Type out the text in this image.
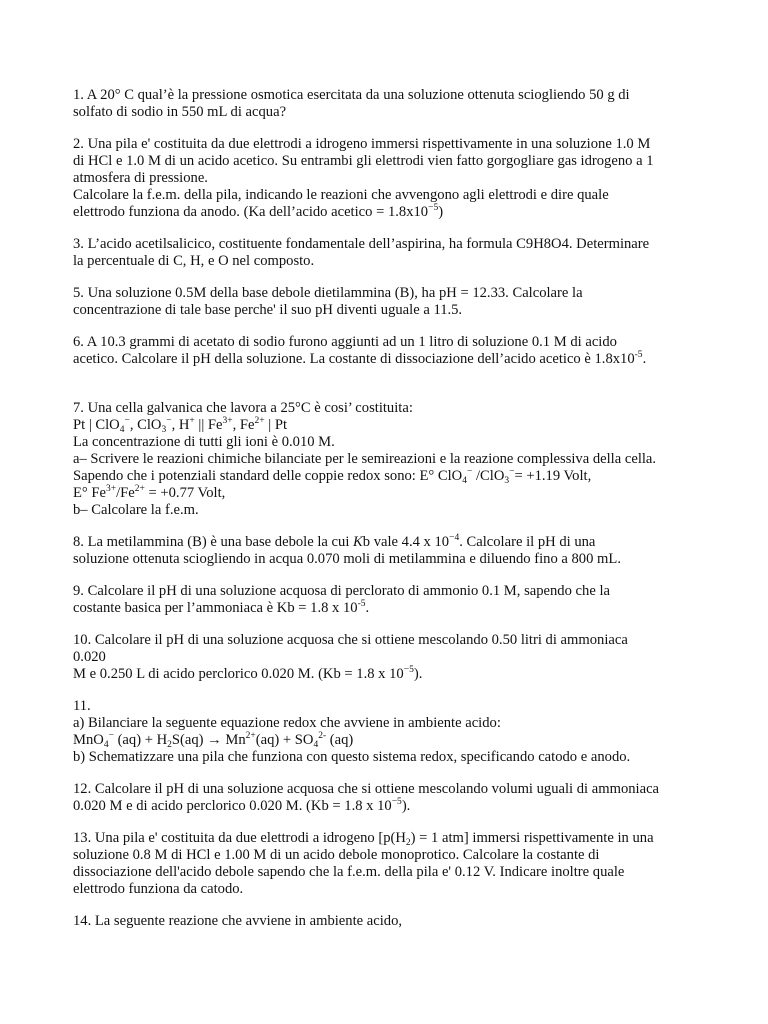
1. A 20° C qual’è la pressione osmotica esercitata da una soluzione ottenuta sciogliendo 50 g di
solfato di sodio in 550 mL di acqua?
2. Una pila e' costituita da due elettrodi a idrogeno immersi rispettivamente in una soluzione 1.0 M
di HCl e 1.0 M di un acido acetico. Su entrambi gli elettrodi vien fatto gorgogliare gas idrogeno a 1
atmosfera di pressione.
Calcolare la f.e.m. della pila, indicando le reazioni che avvengono agli elettrodi e dire quale
elettrodo funziona da anodo. (Ka dell’acido acetico = $1.8x10^{-5}$)
3. L’acido acetilsalicico, costituente fondamentale dell’aspirina, ha formula C9H8O4. Determinare
la percentuale di C, H, e O nel composto.
5. Una soluzione 0.5M della base debole dietilammina (B), ha pH = 12.33. Calcolare la
concentrazione di tale base perche' il suo pH diventi uguale a 11.5.
6. A 10.3 grammi di acetato di sodio furono aggiunti ad un 1 litro di soluzione 0.1 M di acido
acetico. Calcolare il pH della soluzione. La costante di dissociazione dell’acido acetico è $1.8x10^{-5}$.
7. Una cella galvanica che lavora a 25°C è cosi’ costituita:
Pt | ClO$_4$−, ClO$_3$−, H+ || $Fe^{3+}$, $Fe^{2+}$ | Pt
La concentrazione di tutti gli ioni è 0.010 M.
a– Scrivere le reazioni chimiche bilanciate per le semireazioni e la reazione complessiva della cella.
Sapendo che i potenziali standard delle coppie redox sono: E° ClO$_4$− /ClO$_3$−= +1.19 Volt,
E° $Fe^{3+}/Fe^{2+} = +0.77$ Volt,
b– Calcolare la f.e.m.
8. La metilammina (B) è una base debole la cui Kb vale 4.4 x $10^{-4}$. Calcolare il pH di una
soluzione ottenuta sciogliendo in acqua 0.070 moli di metilammina e diluendo fino a 800 mL.
9. Calcolare il pH di una soluzione acquosa di perclorato di ammonio 0.1 M, sapendo che la
costante basica per l’ammoniaca è Kb = 1.8 x $10^{-5}$.
10. Calcolare il pH di una soluzione acquosa che si ottiene mescolando 0.50 litri di ammoniaca
0.020
M e 0.250 L di acido perclorico 0.020 M. (Kb = 1.8 x $10^{-5}$).
11.
a) Bilanciare la seguente equazione redox che avviene in ambiente acido:
MnO$_4$− $(aq) + H_2S(aq) \to Mn^{2+}(aq) + SO_4^{2-}$ (aq)
b) Schematizzare una pila che funziona con questo sistema redox, specificando catodo e anodo.
12. Calcolare il pH di una soluzione acquosa che si ottiene mescolando volumi uguali di ammoniaca
0.020 M e di acido perclorico 0.020 M. (Kb = 1.8 x $10^{-5}$).
13. Una pila e' costituita da due elettrodi a idrogeno [$p(H_2) = 1$ atm] immersi rispettivamente in una
soluzione 0.8 M di HCl e 1.00 M di un acido debole monoprotico. Calcolare la costante di
dissociazione dell'acido debole sapendo che la f.e.m. della pila e' 0.12 V. Indicare inoltre quale
elettrodo funziona da catodo.
14. La seguente reazione che avviene in ambiente acido,
